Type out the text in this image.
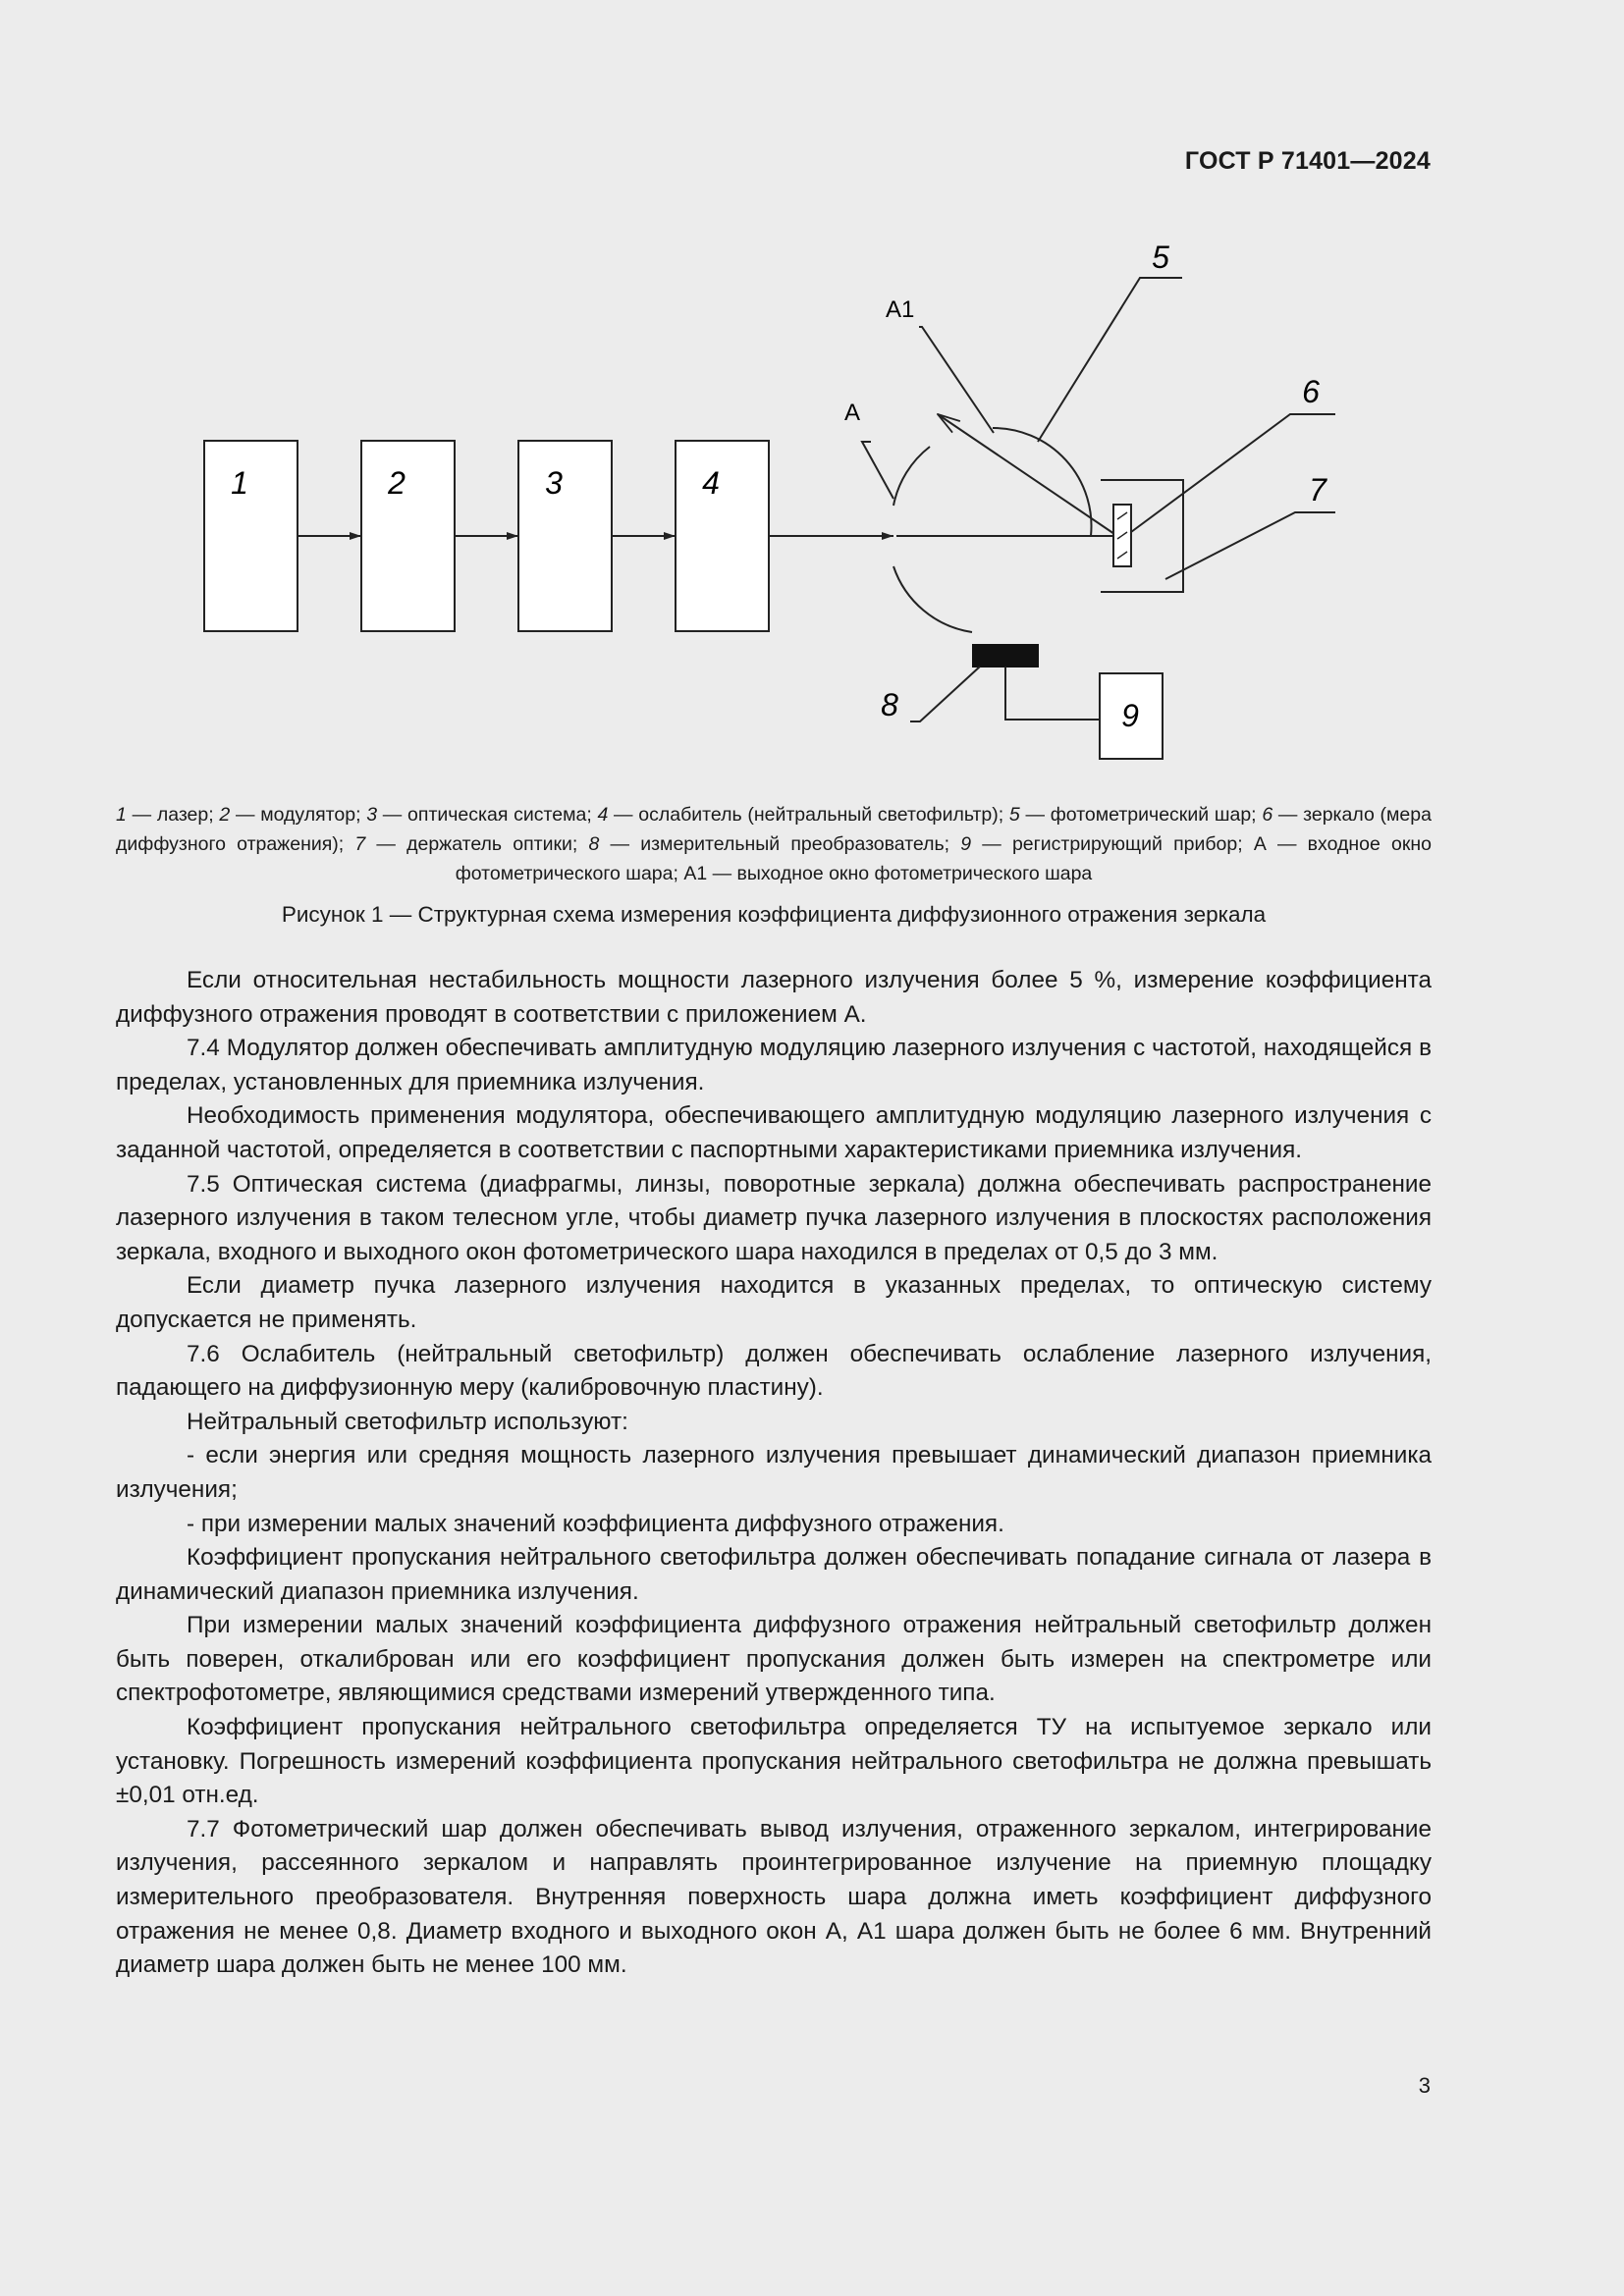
ГОСТ Р 71401—2024
1	2	3	4
5
6
7
8	9
А
А1
1 — лазер; 2 — модулятор; 3 — оптическая система; 4 — ослабитель (нейтральный светофильтр); 5 — фотометрический шар; 6 — зеркало (мера диффузного отражения); 7 — держатель оптики; 8 — измерительный преобразователь; 9 — регистрирующий прибор; А — входное окно фотометрического шара; А1 — выходное окно фотометрического шара
Рисунок 1 — Структурная схема измерения коэффициента диффузионного отражения зеркала

Если относительная нестабильность мощности лазерного излучения более 5 %, измерение коэффициента диффузного отражения проводят в соответствии с приложением А.

7.4 Модулятор должен обеспечивать амплитудную модуляцию лазерного излучения с частотой, находящейся в пределах, установленных для приемника излучения.

Необходимость применения модулятора, обеспечивающего амплитудную модуляцию лазерного излучения с заданной частотой, определяется в соответствии с паспортными характеристиками приемника излучения.

7.5 Оптическая система (диафрагмы, линзы, поворотные зеркала) должна обеспечивать распространение лазерного излучения в таком телесном угле, чтобы диаметр пучка лазерного излучения в плоскостях расположения зеркала, входного и выходного окон фотометрического шара находился в пределах от 0,5 до 3 мм.

Если диаметр пучка лазерного излучения находится в указанных пределах, то оптическую систему допускается не применять.

7.6 Ослабитель (нейтральный светофильтр) должен обеспечивать ослабление лазерного излучения, падающего на диффузионную меру (калибровочную пластину).

Нейтральный светофильтр используют:

- если энергия или средняя мощность лазерного излучения превышает динамический диапазон приемника излучения;

- при измерении малых значений коэффициента диффузного отражения.

Коэффициент пропускания нейтрального светофильтра должен обеспечивать попадание сигнала от лазера в динамический диапазон приемника излучения.

При измерении малых значений коэффициента диффузного отражения нейтральный светофильтр должен быть поверен, откалиброван или его коэффициент пропускания должен быть измерен на спектрометре или спектрофотометре, являющимися средствами измерений утвержденного типа.

Коэффициент пропускания нейтрального светофильтра определяется ТУ на испытуемое зеркало или установку. Погрешность измерений коэффициента пропускания нейтрального светофильтра не должна превышать ±0,01 отн.ед.

7.7 Фотометрический шар должен обеспечивать вывод излучения, отраженного зеркалом, интегрирование излучения, рассеянного зеркалом и направлять проинтегрированное излучение на приемную площадку измерительного преобразователя. Внутренняя поверхность шара должна иметь коэффициент диффузного отражения не менее 0,8. Диаметр входного и выходного окон А, А1 шара должен быть не более 6 мм. Внутренний диаметр шара должен быть не менее 100 мм.

3
